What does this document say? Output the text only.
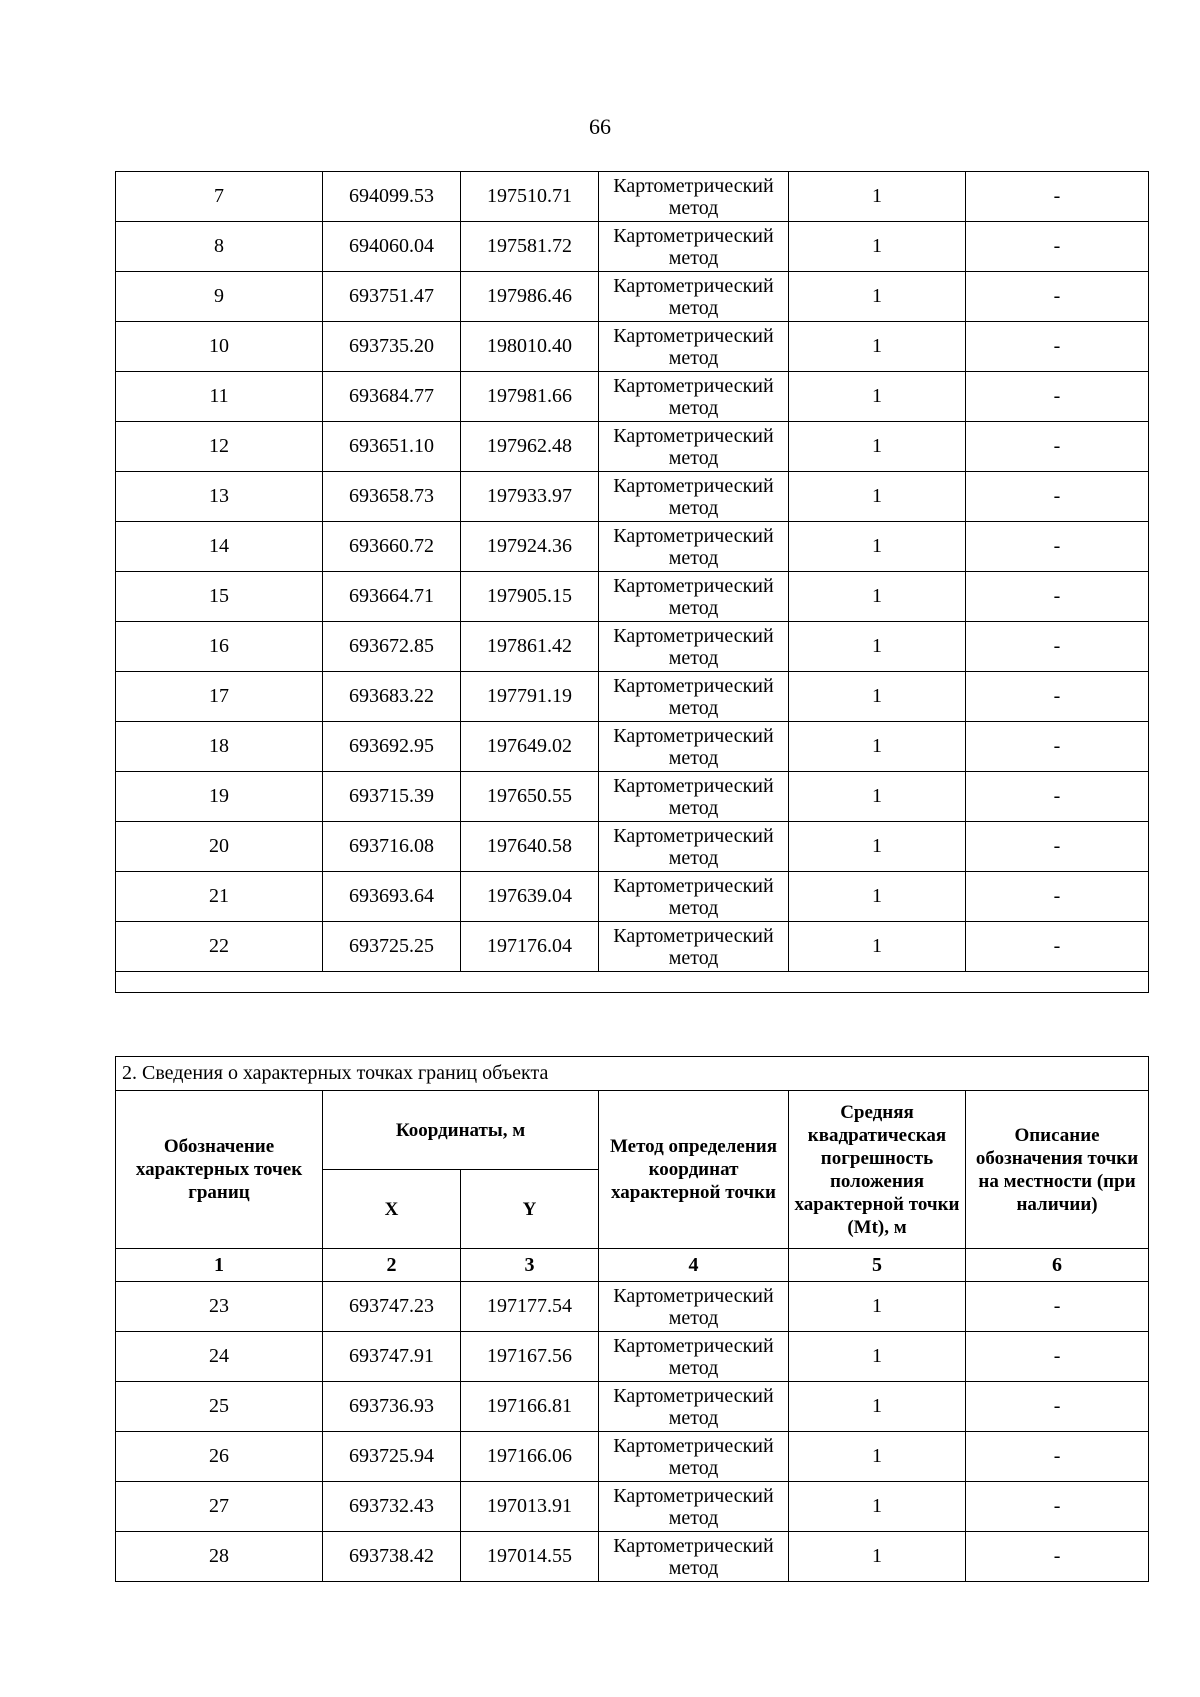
66
7	694099.53	197510.71	Картометрический метод	1	-
8	694060.04	197581.72	Картометрический метод	1	-
9	693751.47	197986.46	Картометрический метод	1	-
10	693735.20	198010.40	Картометрический метод	1	-
11	693684.77	197981.66	Картометрический метод	1	-
12	693651.10	197962.48	Картометрический метод	1	-
13	693658.73	197933.97	Картометрический метод	1	-
14	693660.72	197924.36	Картометрический метод	1	-
15	693664.71	197905.15	Картометрический метод	1	-
16	693672.85	197861.42	Картометрический метод	1	-
17	693683.22	197791.19	Картометрический метод	1	-
18	693692.95	197649.02	Картометрический метод	1	-
19	693715.39	197650.55	Картометрический метод	1	-
20	693716.08	197640.58	Картометрический метод	1	-
21	693693.64	197639.04	Картометрический метод	1	-
22	693725.25	197176.04	Картометрический метод	1	-

2. Сведения о характерных точках границ объекта					
Обозначение характерных точек границ	Координаты, м		Метод определения координат характерной точки	Средняя квадратическая погрешность положения характерной точки (Mt), м	Описание обозначения точки на местности (при наличии)
	X	Y			
1	2	3	4	5	6
23	693747.23	197177.54	Картометрический метод	1	-
24	693747.91	197167.56	Картометрический метод	1	-
25	693736.93	197166.81	Картометрический метод	1	-
26	693725.94	197166.06	Картометрический метод	1	-
27	693732.43	197013.91	Картометрический метод	1	-
28	693738.42	197014.55	Картометрический метод	1	-
